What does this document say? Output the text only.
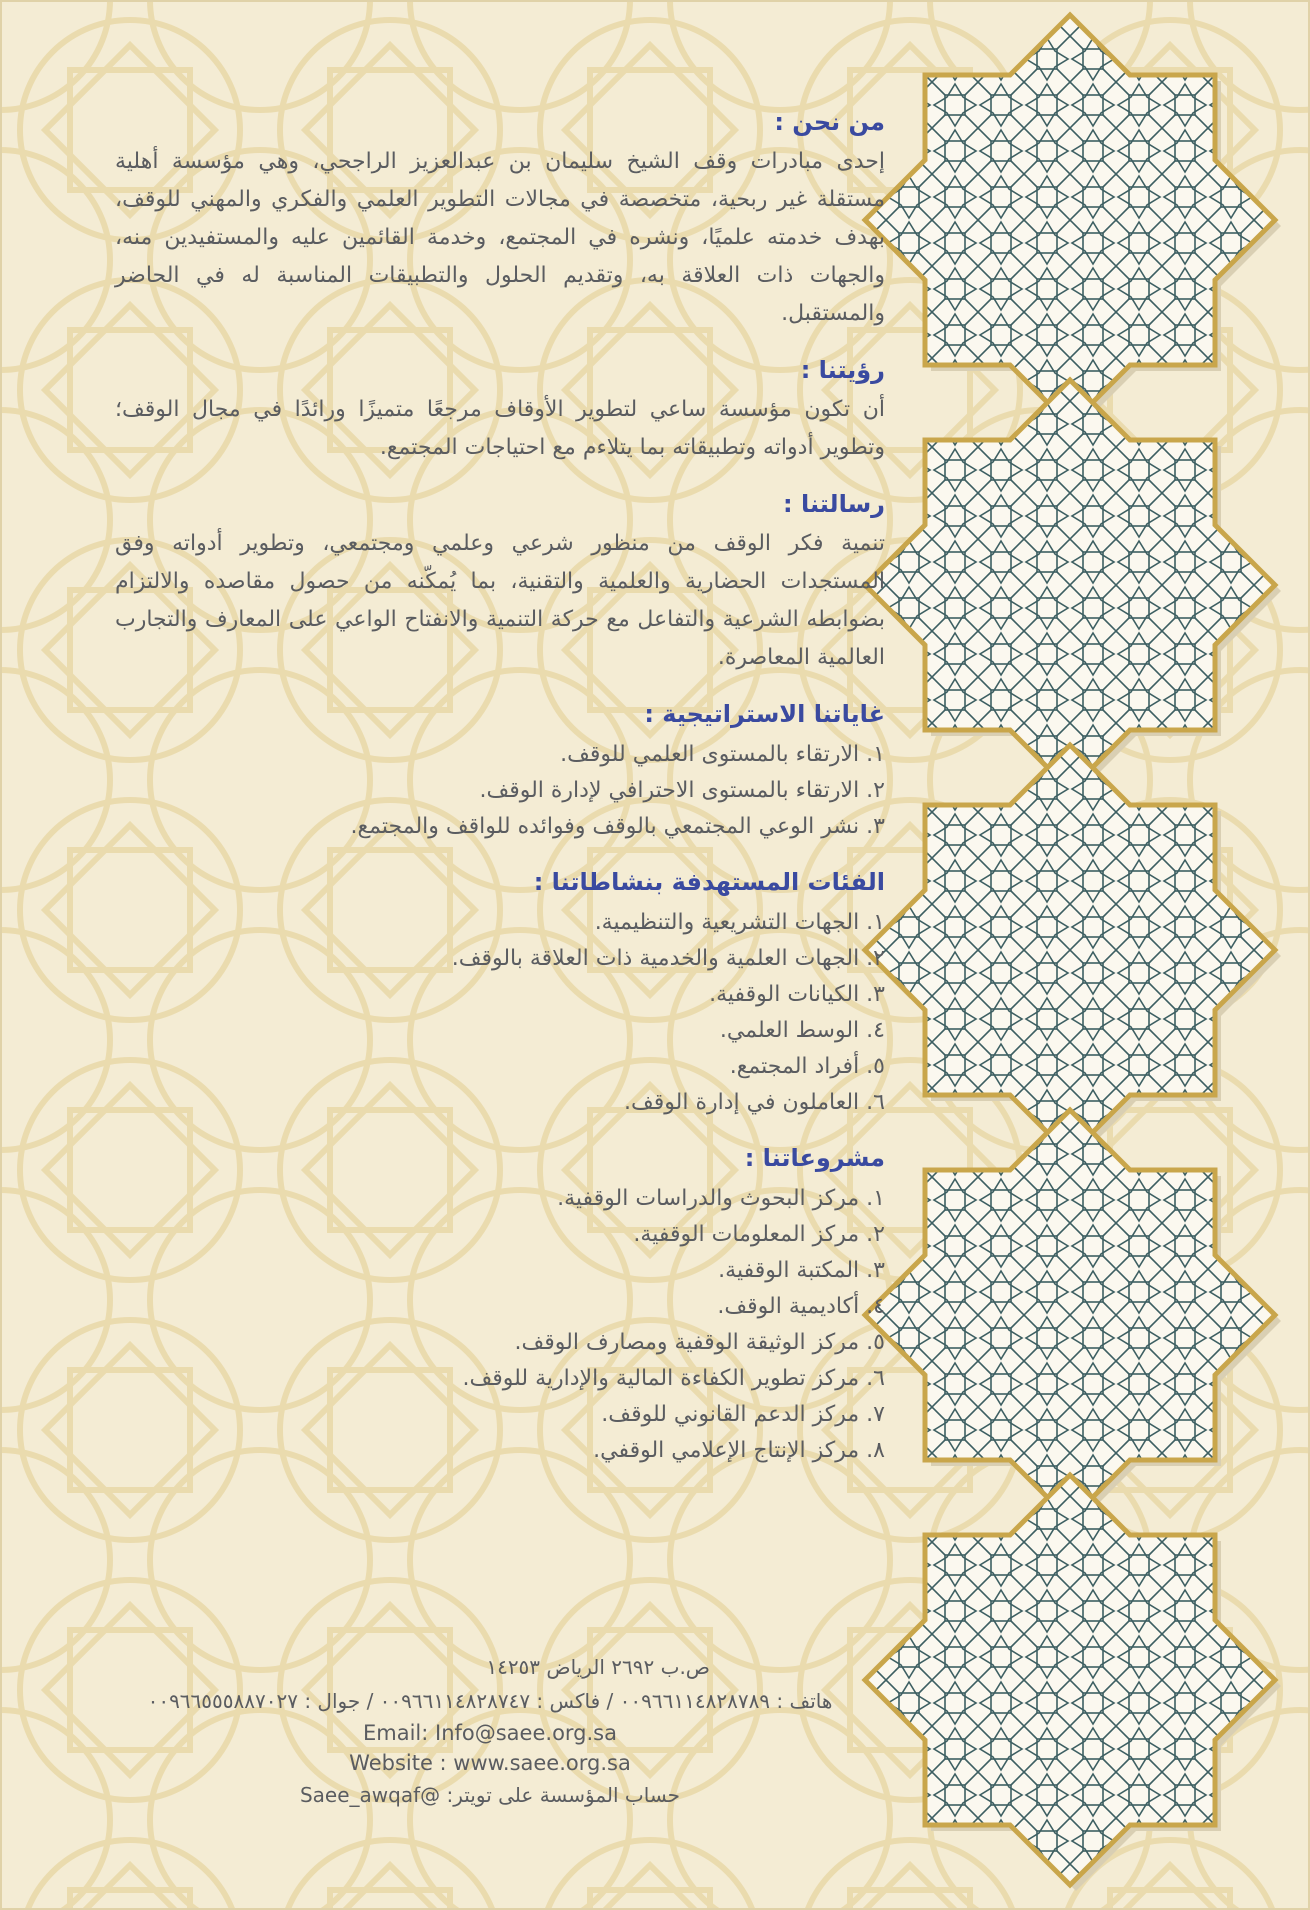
من نحن :

إحدى مبادرات وقف الشيخ سليمان بن عبدالعزيز الراجحي، وهي مؤسسة أهلية مستقلة غير ربحية، متخصصة في مجالات التطوير العلمي والفكري والمهني للوقف، بهدف خدمته علميًا، ونشره في المجتمع، وخدمة القائمين عليه والمستفيدين منه، والجهات ذات العلاقة به، وتقديم الحلول والتطبيقات المناسبة له في الحاضر والمستقبل.

رؤيتنا :

أن تكون مؤسسة ساعي لتطوير الأوقاف مرجعًا متميزًا ورائدًا في مجال الوقف؛ وتطوير أدواته وتطبيقاته بما يتلاءم مع احتياجات المجتمع.

رسالتنا :

تنمية فكر الوقف من منظور شرعي وعلمي ومجتمعي، وتطوير أدواته وفق المستجدات الحضارية والعلمية والتقنية، بما يُمكّنه من حصول مقاصده والالتزام بضوابطه الشرعية والتفاعل مع حركة التنمية والانفتاح الواعي على المعارف والتجارب العالمية المعاصرة.

غاياتنا الاستراتيجية :
١. الارتقاء بالمستوى العلمي للوقف.
٢. الارتقاء بالمستوى الاحترافي لإدارة الوقف.
٣. نشر الوعي المجتمعي بالوقف وفوائده للواقف والمجتمع.
الفئات المستهدفة بنشاطاتنا :
١. الجهات التشريعية والتنظيمية.
٢. الجهات العلمية والخدمية ذات العلاقة بالوقف.
٣. الكيانات الوقفية.
٤. الوسط العلمي.
٥. أفراد المجتمع.
٦. العاملون في إدارة الوقف.
مشروعاتنا :
١. مركز البحوث والدراسات الوقفية.
٢. مركز المعلومات الوقفية.
٣. المكتبة الوقفية.
٤. أكاديمية الوقف.
٥. مركز الوثيقة الوقفية ومصارف الوقف.
٦. مركز تطوير الكفاءة المالية والإدارية للوقف.
٧. مركز الدعم القانوني للوقف.
٨. مركز الإنتاج الإعلامي الوقفي.
ص.ب ٢٦٩٢ الرياض ١٤٢٥٣
هاتف : ٠٠٩٦٦١١٤٨٢٨٧٨٩ / فاكس : ٠٠٩٦٦١١٤٨٢٨٧٤٧ / جوال : ٠٠٩٦٦٥٥٥٨٨٧٠٢٧
Email: Info@saee.org.sa
Website : www.saee.org.sa
حساب المؤسسة على تويتر: @Saee_awqaf
